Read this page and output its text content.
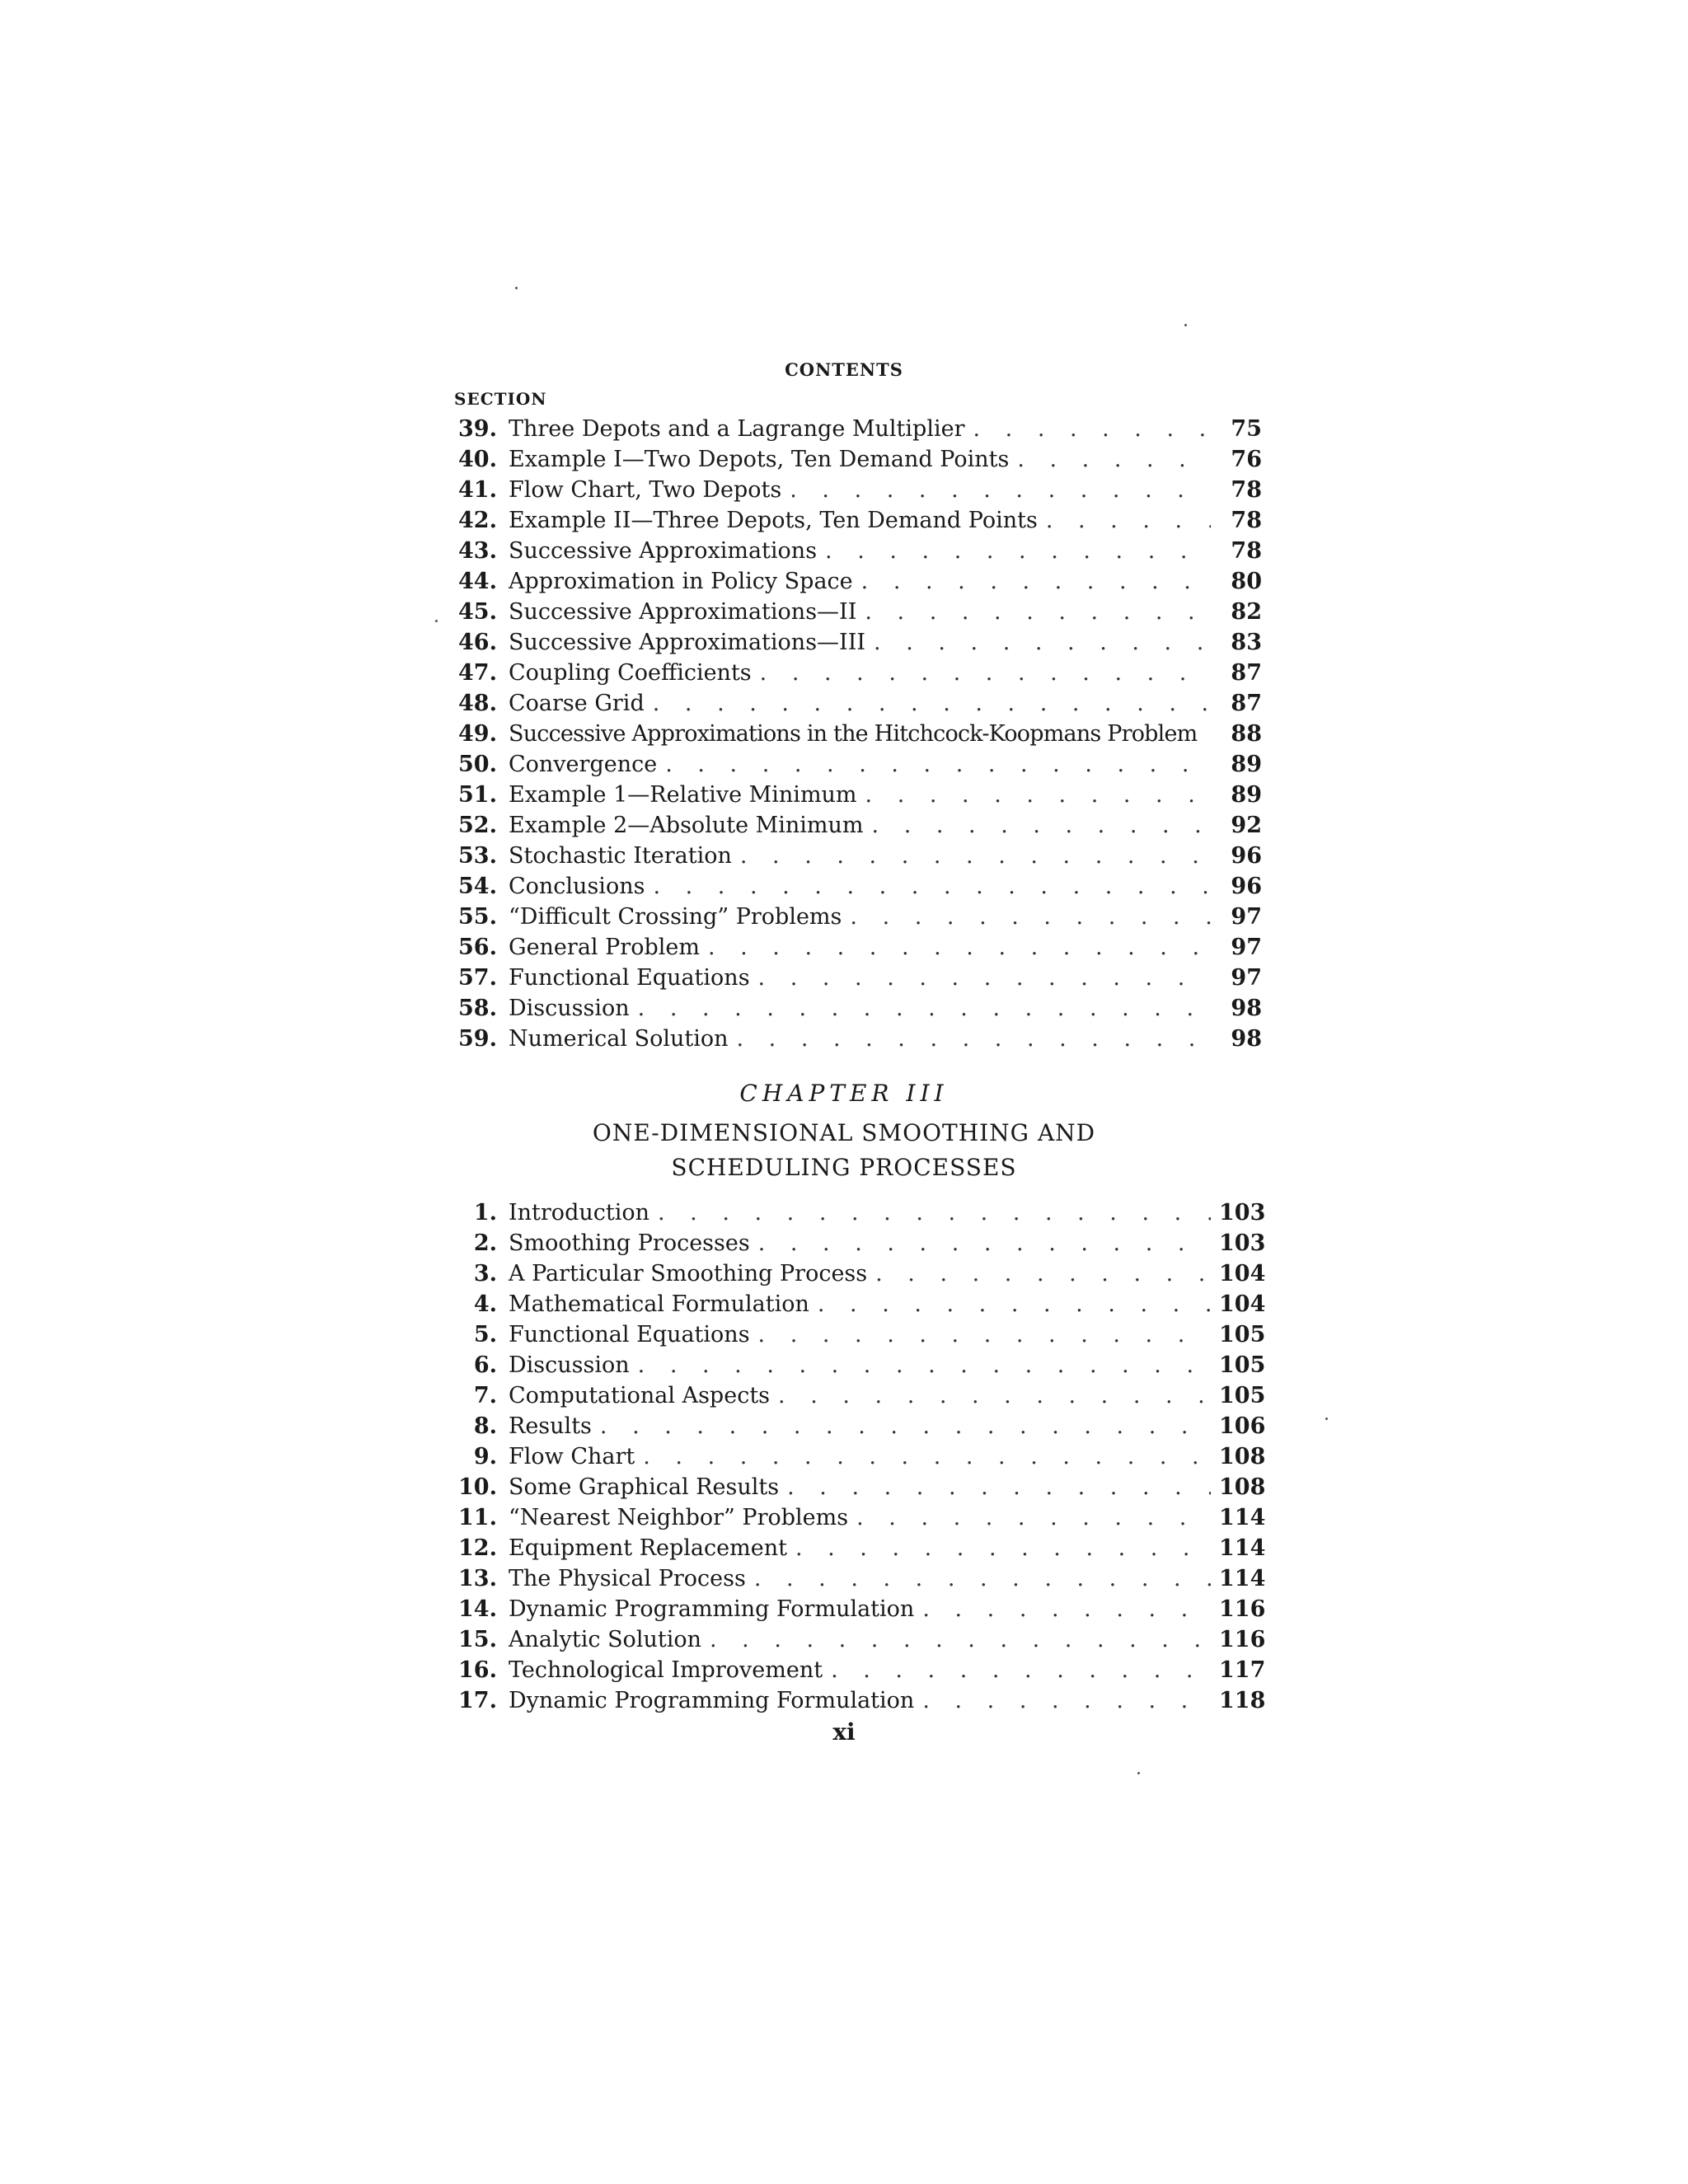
CONTENTS
SECTION
39. Three Depots and a Lagrange Multiplier . . .	75
40. Example I—Two Depots, Ten Demand Points . . .	76
41. Flow Chart, Two Depots . . .	78
42. Example II—Three Depots, Ten Demand Points . . .	78
43. Successive Approximations . . .	78
44. Approximation in Policy Space . . .	80
45. Successive Approximations—II . . .	82
46. Successive Approximations—III . . .	83
47. Coupling Coefficients . . .	87
48. Coarse Grid . . .	87
49. Successive Approximations in the Hitchcock-Koopmans Problem	88
50. Convergence . . .	89
51. Example 1—Relative Minimum . . .	89
52. Example 2—Absolute Minimum . . .	92
53. Stochastic Iteration . . .	96
54. Conclusions . . .	96
55. “Difficult Crossing” Problems . . .	97
56. General Problem . . .	97
57. Functional Equations . . .	97
58. Discussion . . .	98
59. Numerical Solution . . .	98
CHAPTER III
ONE-DIMENSIONAL SMOOTHING AND
SCHEDULING PROCESSES
1. Introduction . . .	103
2. Smoothing Processes . . .	103
3. A Particular Smoothing Process . . .	104
4. Mathematical Formulation . . .	104
5. Functional Equations . . .	105
6. Discussion . . .	105
7. Computational Aspects . . .	105
8. Results . . .	106
9. Flow Chart . . .	108
10. Some Graphical Results . . .	108
11. “Nearest Neighbor” Problems . . .	114
12. Equipment Replacement . . .	114
13. The Physical Process . . .	114
14. Dynamic Programming Formulation . . .	116
15. Analytic Solution . . .	116
16. Technological Improvement . . .	117
17. Dynamic Programming Formulation . . .	118
xi
